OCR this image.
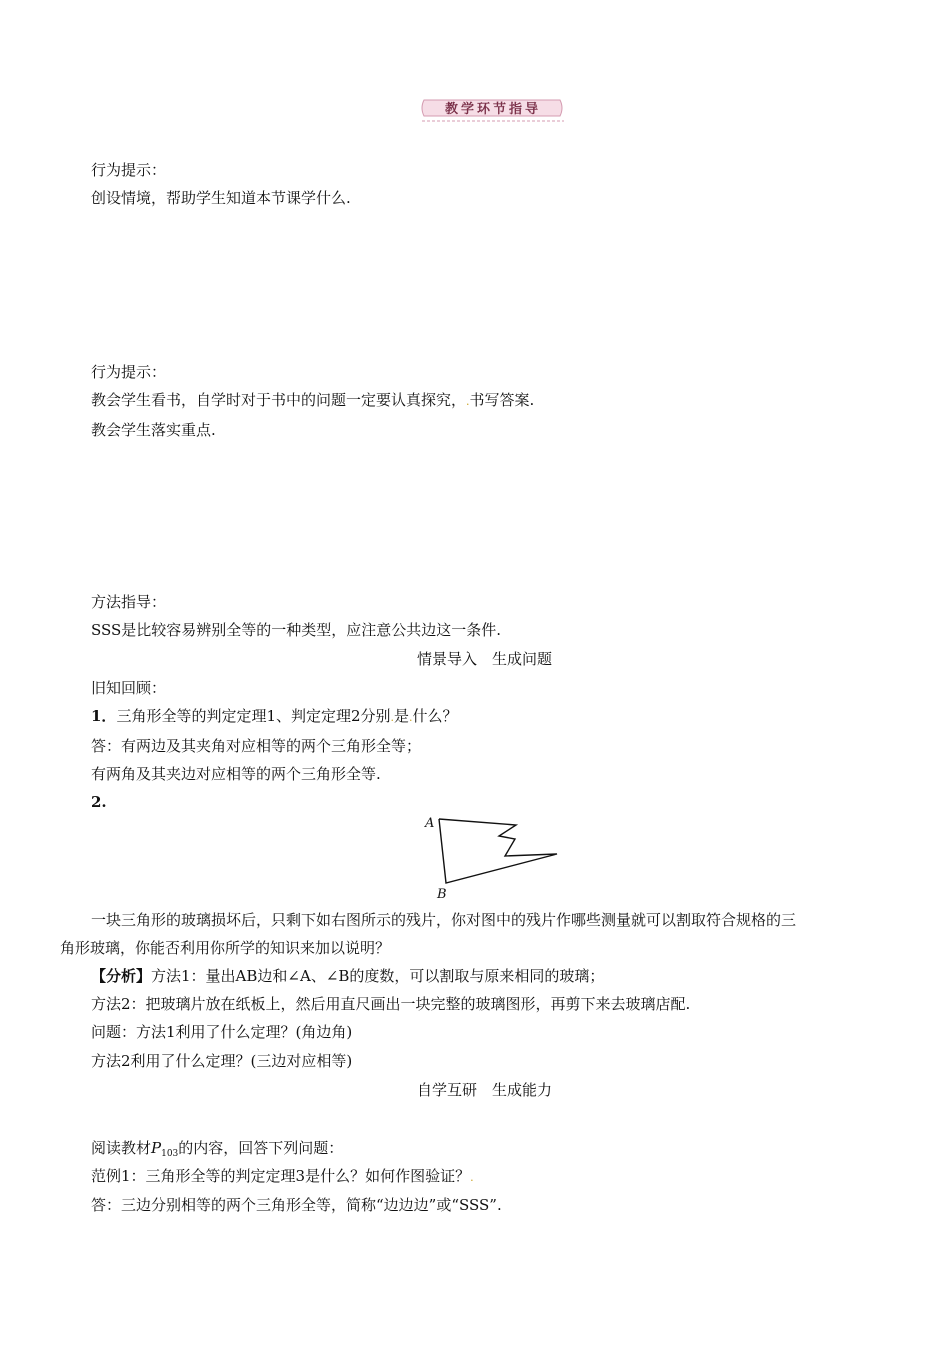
教学环节指导
行为提示：
创设情境，帮助学生知道本节课学什么.
行为提示：
教会学生看书，自学时对于书中的问题一定要认真探究，.书写答案.
教会学生落实重点.
方法指导：
SSS是比较容易辨别全等的一种类型，应注意公共边这一条件.
情景导入　生成问题
旧知回顾：
1．三角形全等的判定定理1、判定定理2分别.是.什么？
答：有两边及其夹角对应相等的两个三角形全等；
有两角及其夹边对应相等的两个三角形全等.
2.
A
B
一块三角形的玻璃损坏后，只剩下如右图所示的残片，你对图中的残片作哪些测量就可以割取符合规格的三
角形玻璃，你能否利用你所学的知识来加以说明？
【分析】方法1：量出AB边和∠A、∠B的度数，可以割取与原来相同的玻璃；
方法2：把玻璃片放在纸板上，然后用直尺画出一块完整的玻璃图形，再剪下来去玻璃店配.
问题：方法1利用了什么定理？(角边角)
方法2利用了什么定理？(三边对应相等)
自学互研　生成能力
阅读教材$P_{103}$的内容，回答下列问题：
范例1：三角形全等的判定定理3是什么？如何作图验证？.
答：三边分别相等的两个三角形全等，简称“边边边”或“SSS”.
